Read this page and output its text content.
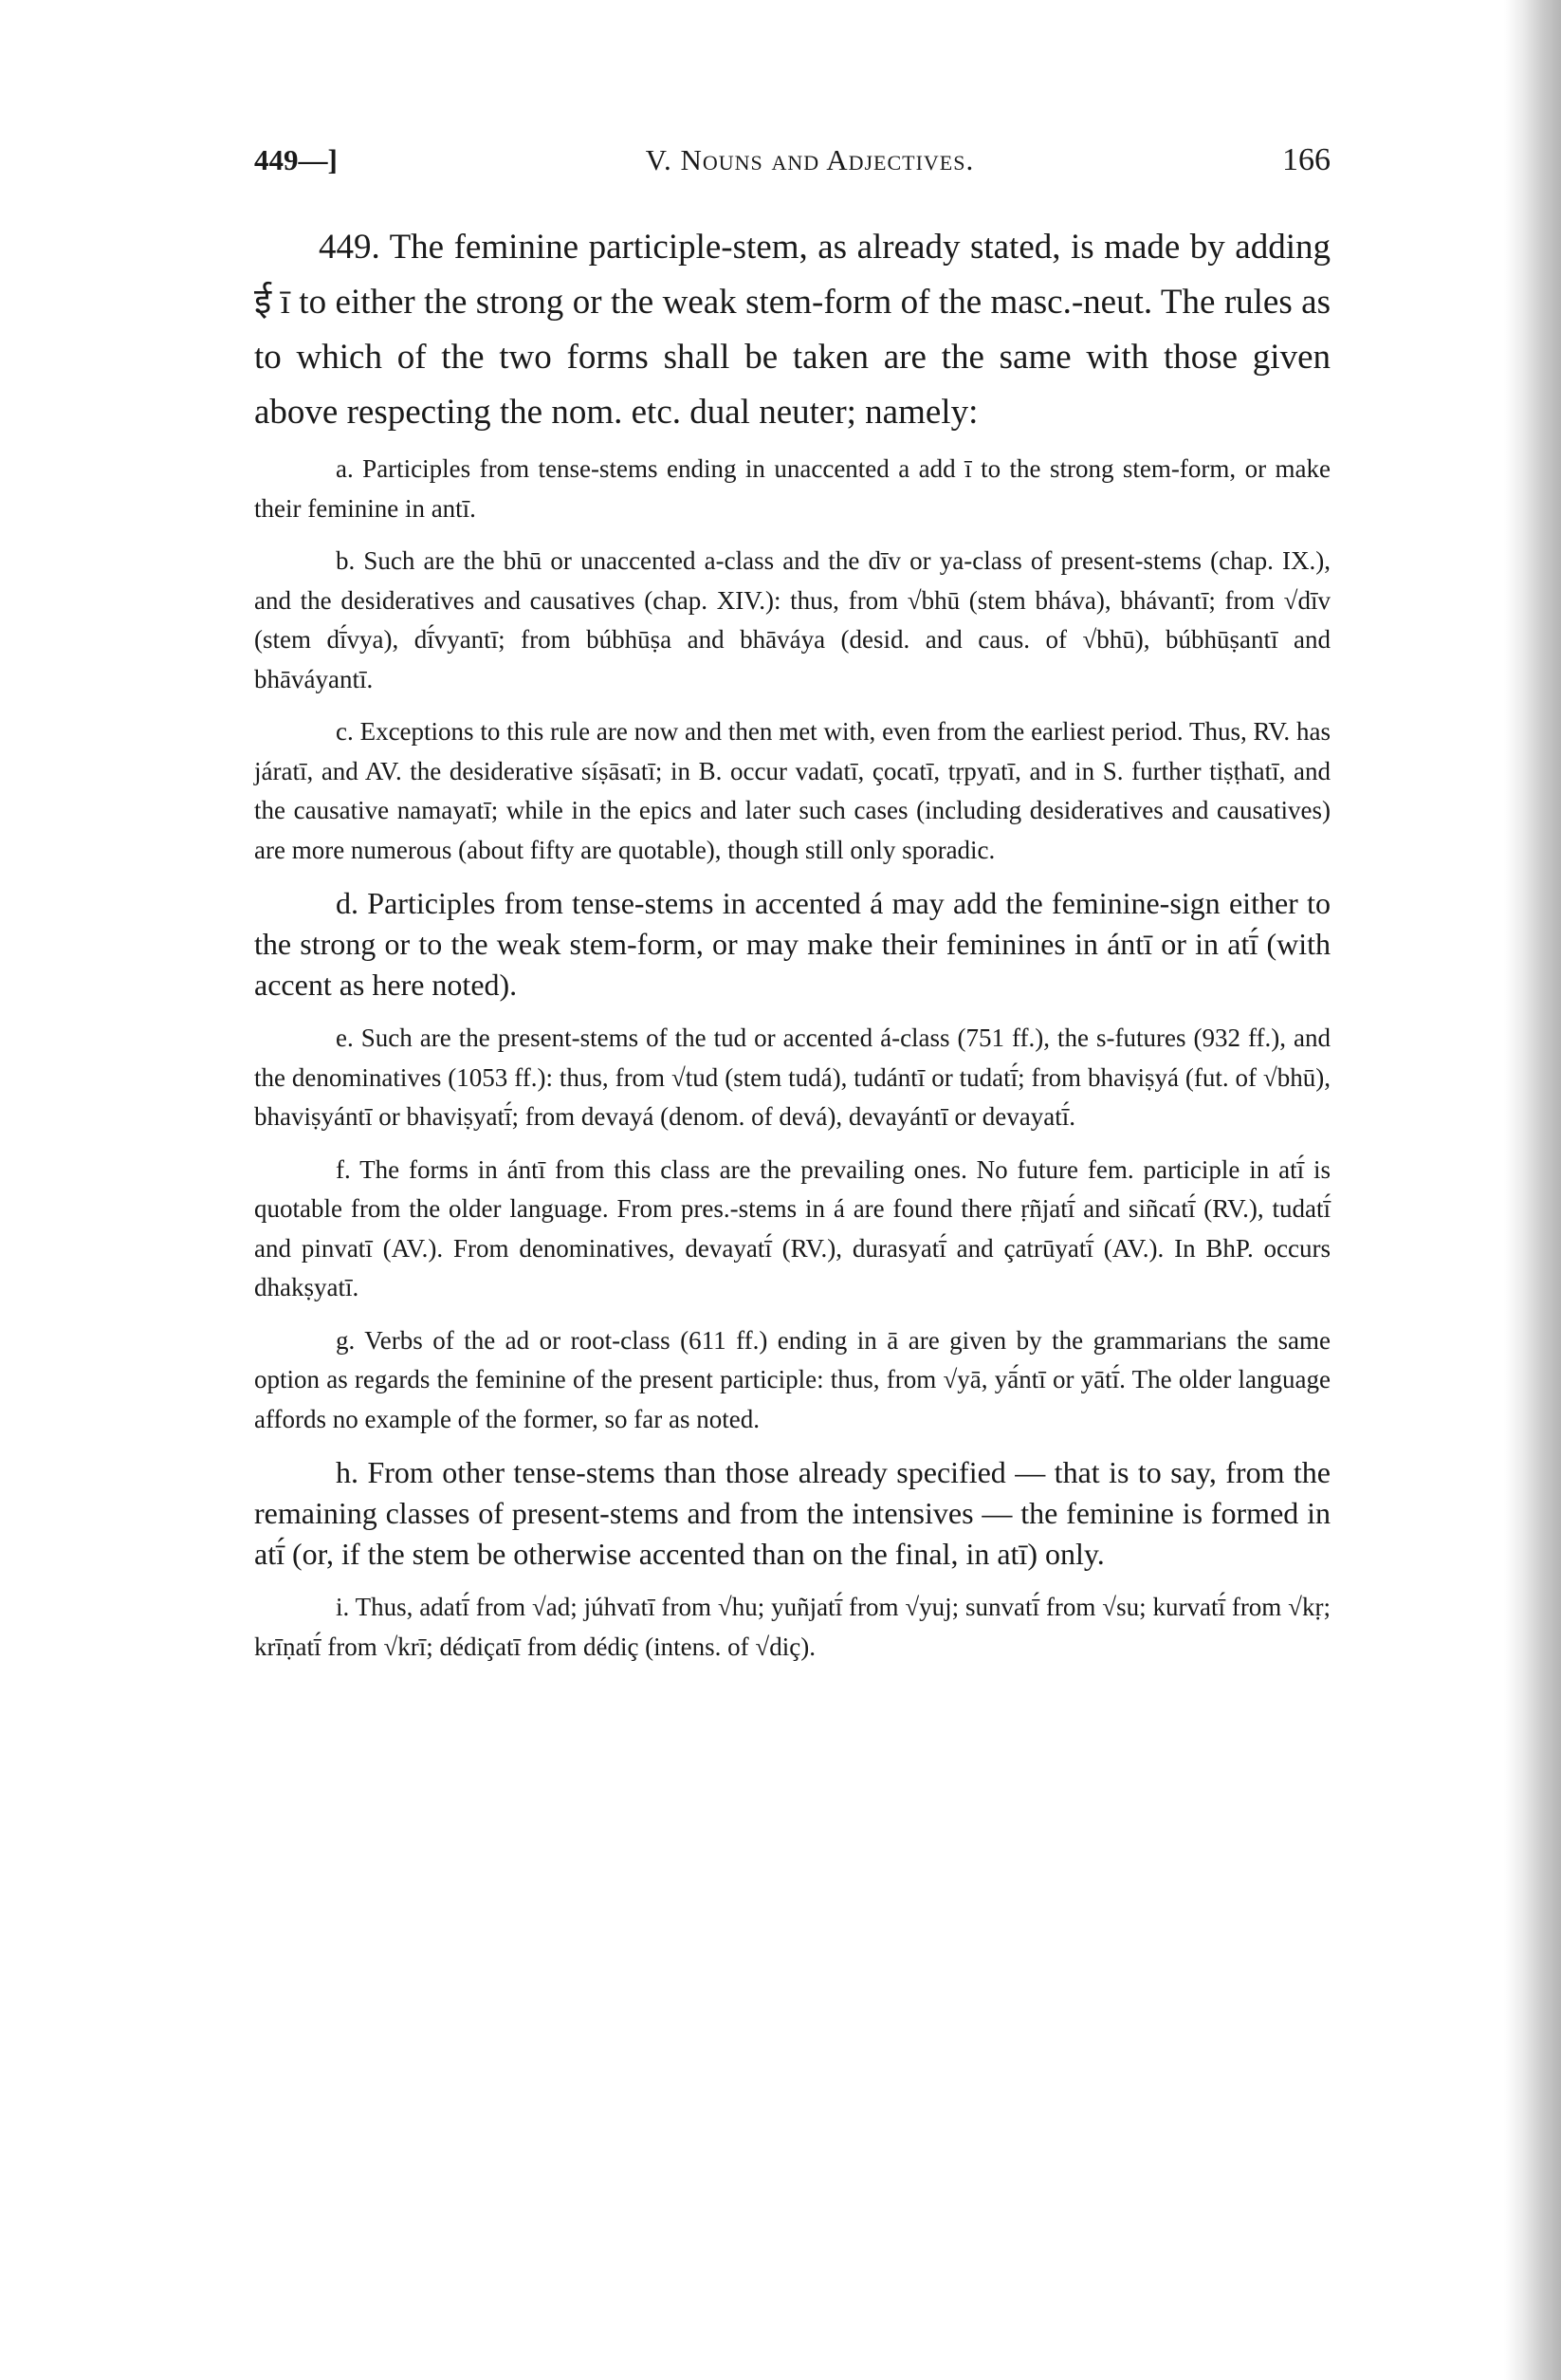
449—]	V. Nouns and Adjectives.	166

449. The feminine participle-stem, as already stated, is made by adding ई ī to either the strong or the weak stem-form of the masc.-neut. The rules as to which of the two forms shall be taken are the same with those given above respecting the nom. etc. dual neuter; namely:

a. Participles from tense-stems ending in unaccented a add ī to the strong stem-form, or make their feminine in antī.

b. Such are the bhū or unaccented a-class and the dīv or ya-class of present-stems (chap. IX.), and the desideratives and causatives (chap. XIV.): thus, from √bhū (stem bháva), bhávantī; from √dīv (stem dī́vya), dī́vyantī; from búbhūṣa and bhāváya (desid. and caus. of √bhū), búbhūṣantī and bhāváyantī.

c. Exceptions to this rule are now and then met with, even from the earliest period. Thus, RV. has járatī, and AV. the desiderative síṣāsatī; in B. occur vadatī, çocatī, tṛpyatī, and in S. further tiṣṭhatī, and the causative namayatī; while in the epics and later such cases (including desideratives and causatives) are more numerous (about fifty are quotable), though still only sporadic.

d. Participles from tense-stems in accented á may add the feminine-sign either to the strong or to the weak stem-form, or may make their feminines in ántī or in atī́ (with accent as here noted).

e. Such are the present-stems of the tud or accented á-class (751 ff.), the s-futures (932 ff.), and the denominatives (1053 ff.): thus, from √tud (stem tudá), tudántī or tudatī́; from bhaviṣyá (fut. of √bhū), bhaviṣyántī or bhaviṣyatī́; from devayá (denom. of devá), devayántī or devayatī́.

f. The forms in ántī from this class are the prevailing ones. No future fem. participle in atī́ is quotable from the older language. From pres.-stems in á are found there ṛñjatī́ and siñcatī́ (RV.), tudatī́ and pinvatī (AV.). From denominatives, devayatī́ (RV.), durasyatī́ and çatrūyatī́ (AV.). In BhP. occurs dhakṣyatī.

g. Verbs of the ad or root-class (611 ff.) ending in ā are given by the grammarians the same option as regards the feminine of the present participle: thus, from √yā, yā́ntī or yātī́. The older language affords no example of the former, so far as noted.

h. From other tense-stems than those already specified — that is to say, from the remaining classes of present-stems and from the intensives — the feminine is formed in atī́ (or, if the stem be otherwise accented than on the final, in atī) only.

i. Thus, adatī́ from √ad; júhvatī from √hu; yuñjatī́ from √yuj; sunvatī́ from √su; kurvatī́ from √kṛ; krīṇatī́ from √krī; dédiçatī from dédiç (intens. of √diç).
